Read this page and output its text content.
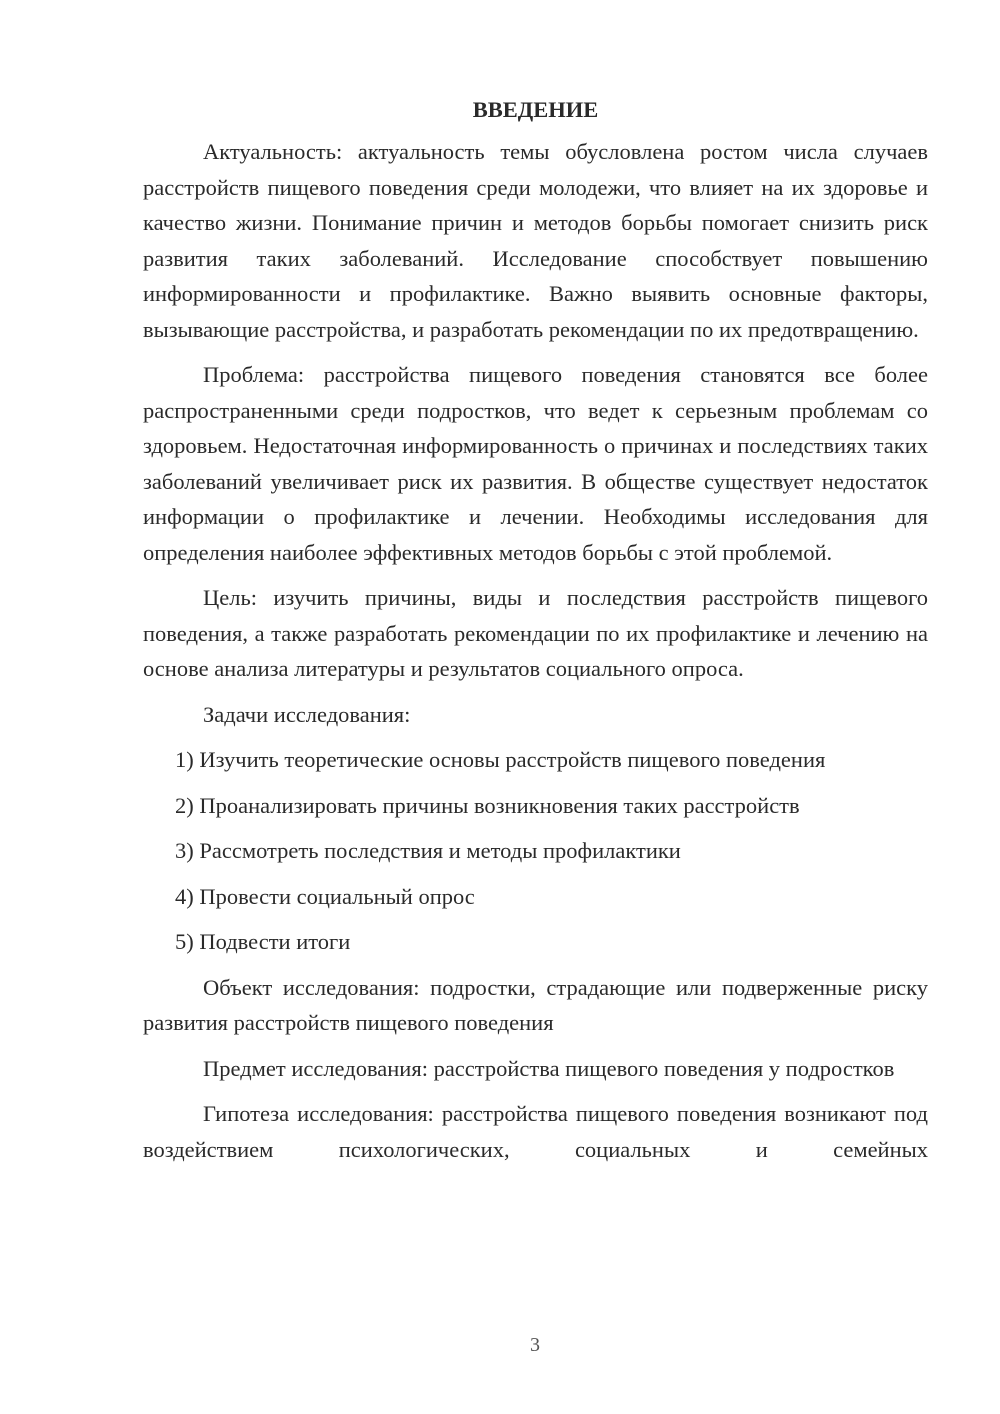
ВВЕДЕНИЕ

Актуальность: актуальность темы обусловлена ростом числа случаев расстройств пищевого поведения среди молодежи, что влияет на их здоровье и качество жизни. Понимание причин и методов борьбы помогает снизить риск развития таких заболеваний. Исследование способствует повышению информированности и профилактике. Важно выявить основные факторы, вызывающие расстройства, и разработать рекомендации по их предотвращению.

Проблема: расстройства пищевого поведения становятся все более распространенными среди подростков, что ведет к серьезным проблемам со здоровьем. Недостаточная информированность о причинах и последствиях таких заболеваний увеличивает риск их развития. В обществе существует недостаток информации о профилактике и лечении. Необходимы исследования для определения наиболее эффективных методов борьбы с этой проблемой.

Цель: изучить причины, виды и последствия расстройств пищевого поведения, а также разработать рекомендации по их профилактике и лечению на основе анализа литературы и результатов социального опроса.

Задачи исследования:

1) Изучить теоретические основы расстройств пищевого поведения

2) Проанализировать причины возникновения таких расстройств

3) Рассмотреть последствия и методы профилактики

4) Провести социальный опрос

5) Подвести итоги

Объект исследования: подростки, страдающие или подверженные риску развития расстройств пищевого поведения

Предмет исследования: расстройства пищевого поведения у подростков

Гипотеза исследования: расстройства пищевого поведения возникают под воздействием психологических, социальных и семейных

3
